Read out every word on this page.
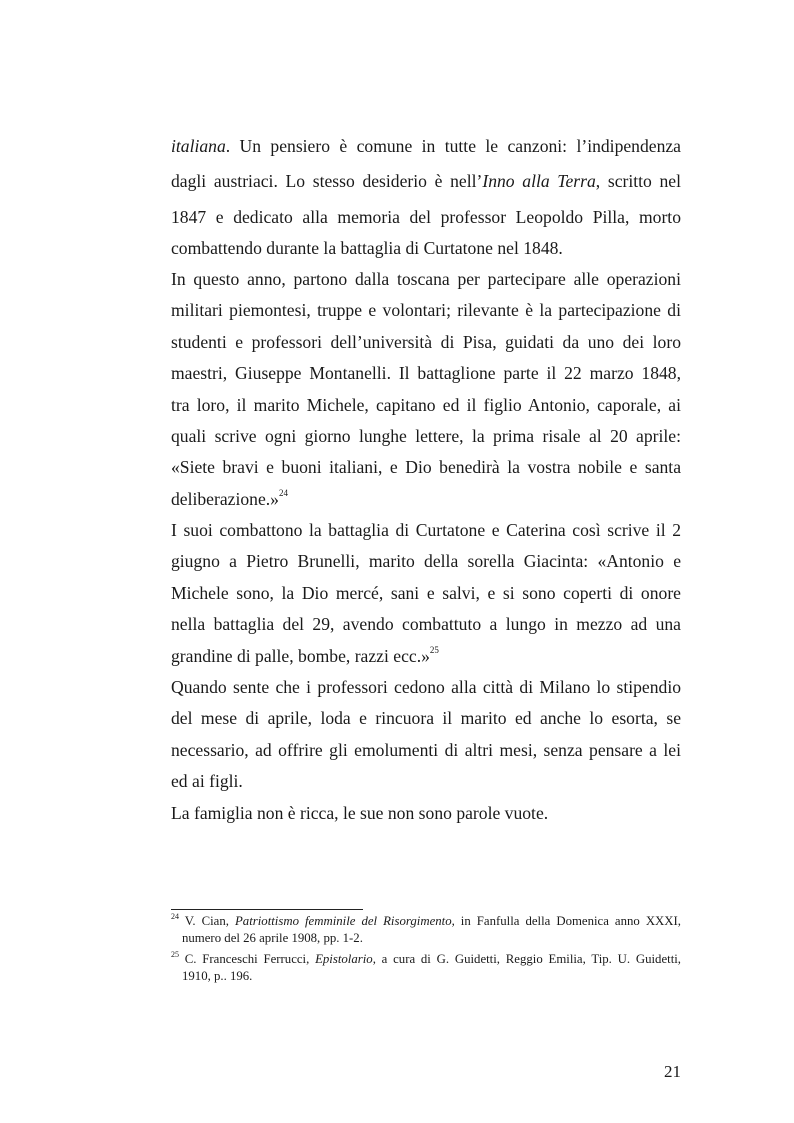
italiana. Un pensiero è comune in tutte le canzoni: l’indipendenza
dagli austriaci. Lo stesso desiderio è nell’Inno alla Terra, scritto nel
1847 e dedicato alla memoria del professor Leopoldo Pilla, morto
combattendo durante la battaglia di Curtatone nel 1848.
In questo anno, partono dalla toscana per partecipare alle operazioni
militari piemontesi, truppe e volontari; rilevante è la partecipazione di
studenti e professori dell’università di Pisa, guidati da uno dei loro
maestri, Giuseppe Montanelli. Il battaglione parte il 22 marzo 1848,
tra loro, il marito Michele, capitano ed il figlio Antonio, caporale, ai
quali scrive ogni giorno lunghe lettere, la prima risale al 20 aprile:
«Siete bravi e buoni italiani, e Dio benedirà la vostra nobile e santa
deliberazione.»$^{24}$
I suoi combattono la battaglia di Curtatone e Caterina così scrive il 2
giugno a Pietro Brunelli, marito della sorella Giacinta: «Antonio e
Michele sono, la Dio mercé, sani e salvi, e si sono coperti di onore
nella battaglia del 29, avendo combattuto a lungo in mezzo ad una
grandine di palle, bombe, razzi ecc.»$^{25}$
Quando sente che i professori cedono alla città di Milano lo stipendio
del mese di aprile, loda e rincuora il marito ed anche lo esorta, se
necessario, ad offrire gli emolumenti di altri mesi, senza pensare a lei
ed ai figli.
La famiglia non è ricca, le sue non sono parole vuote.
$^{24}$ V. Cian, Patriottismo femminile del Risorgimento, in Fanfulla della Domenica anno XXXI,
numero del 26 aprile 1908, pp. 1-2.
$^{25}$ C. Franceschi Ferrucci, Epistolario, a cura di G. Guidetti, Reggio Emilia, Tip. U. Guidetti,
1910, p.. 196.
21
